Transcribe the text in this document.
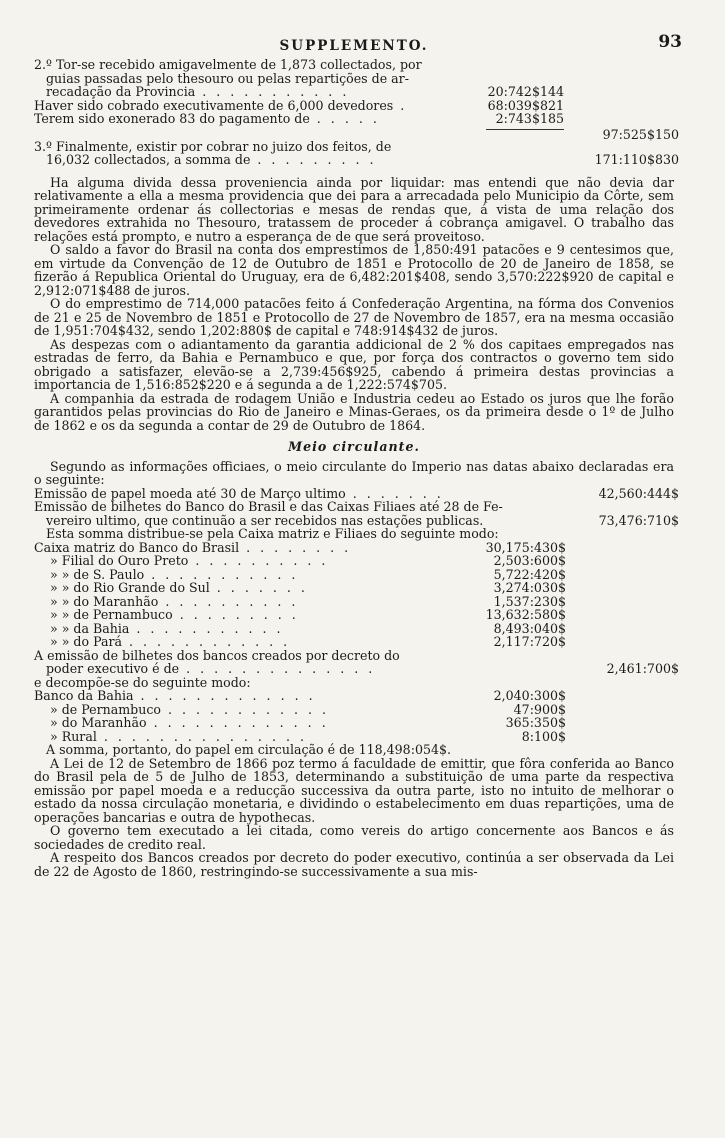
SUPPLEMENTO.	93
2.º Tor-se recebido amigavelmente de 1,873 collectados, por
guias passadas pelo thesouro ou pelas repartições de ar-
recadação da Provincia . . . . . . . . . . .	20:742$144
Haver sido cobrado executivamente de 6,000 devedores .	68:039$821
Terem sido exonerado 83 do pagamento de . . . . .	2:743$185
97:525$150
3.º Finalmente, existir por cobrar no juizo dos feitos, de
16,032 collectados, a somma de . . . . . . . . .	171:110$830

Ha alguma divida dessa proveniencia ainda por liquidar: mas entendi que não devia dar relativamente a ella a mesma providencia que dei para a arrecadada pelo Municipio da Côrte, sem primeiramente ordenar ás collectorias e mesas de rendas que, á vista de uma relação dos devedores extrahida no Thesouro, tratassem de proceder á cobrança amigavel. O trabalho das relações está prompto, e nutro a esperança de de que será proveitoso.

O saldo a favor do Brasil na conta dos emprestimos de 1,850:491 patacões e 9 centesimos que, em virtude da Convenção de 12 de Outubro de 1851 e Protocollo de 20 de Janeiro de 1858, se fizerão á Republica Oriental do Uruguay, era de 6,482:201$408, sendo 3,570:222$920 de capital e 2,912:071$488 de juros.

O do emprestimo de 714,000 patacões feito á Confederação Argentina, na fórma dos Convenios de 21 e 25 de Novembro de 1851 e Protocollo de 27 de Novembro de 1857, era na mesma occasião de 1,951:704$432, sendo 1,202:880$ de capital e 748:914$432 de juros.

As despezas com o adiantamento da garantia addicional de 2 % dos capitaes empregados nas estradas de ferro, da Bahia e Pernambuco e que, por força dos contractos o governo tem sido obrigado a satisfazer, elevão-se a 2,739:456$925, cabendo á primeira destas provincias a importancia de 1,516:852$220 e á segunda a de 1,222:574$705.

A companhia da estrada de rodagem União e Industria cedeu ao Estado os juros que lhe forão garantidos pelas provincias do Rio de Janeiro e Minas-Geraes, os da primeira desde o 1º de Julho de 1862 e os da segunda a contar de 29 de Outubro de 1864.

Meio circulante.

Segundo as informações officiaes, o meio circulante do Imperio nas datas abaixo declaradas era o seguinte:

Emissão de papel moeda até 30 de Março ultimo . . . . . . .	42,560:444$
Emissão de bilhetes do Banco do Brasil e das Caixas Filiaes até 28 de Fe-
vereiro ultimo, que continuão a ser recebidos nas estações publicas.	73,476:710$
Esta somma distribue-se pela Caixa matriz e Filiaes do seguinte modo:
Caixa matriz do Banco do Brasil . . . . . . . .	30,175:430$
» Filial do Ouro Preto . . . . . . . . . .	2,503:600$
» » de S. Paulo . . . . . . . . . . .	5,722:420$
» » do Rio Grande do Sul . . . . . . .	3,274:030$
» » do Maranhão . . . . . . . . . .	1,537:230$
» » de Pernambuco . . . . . . . . .	13,632:580$
» » da Bahia . . . . . . . . . . .	8,493:040$
» » do Pará . . . . . . . . . . . .	2,117:720$
A emissão de bilhetes dos bancos creados por decreto do
poder executivo é de . . . . . . . . . . . . . .	2,461:700$
e decompõe-se do seguinte modo:
Banco da Bahia . . . . . . . . . . . . .	2,040:300$
» de Pernambuco . . . . . . . . . . . .	47:900$
» do Maranhão . . . . . . . . . . . . .	365:350$
» Rural . . . . . . . . . . . . . . .	8:100$
A somma, portanto, do papel em circulação é de 118,498:054$.

A Lei de 12 de Setembro de 1866 poz termo á faculdade de emittir, que fôra conferida ao Banco do Brasil pela de 5 de Julho de 1853, determinando a substituição de uma parte da respectiva emissão por papel moeda e a reducção successiva da outra parte, isto no intuito de melhorar o estado da nossa circulação monetaria, e dividindo o estabelecimento em duas repartições, uma de operações bancarias e outra de hypothecas.

O governo tem executado a lei citada, como vereis do artigo concernente aos Bancos e ás sociedades de credito real.

A respeito dos Bancos creados por decreto do poder executivo, continúa a ser observada da Lei de 22 de Agosto de 1860, restringindo-se successivamente a sua mis-
